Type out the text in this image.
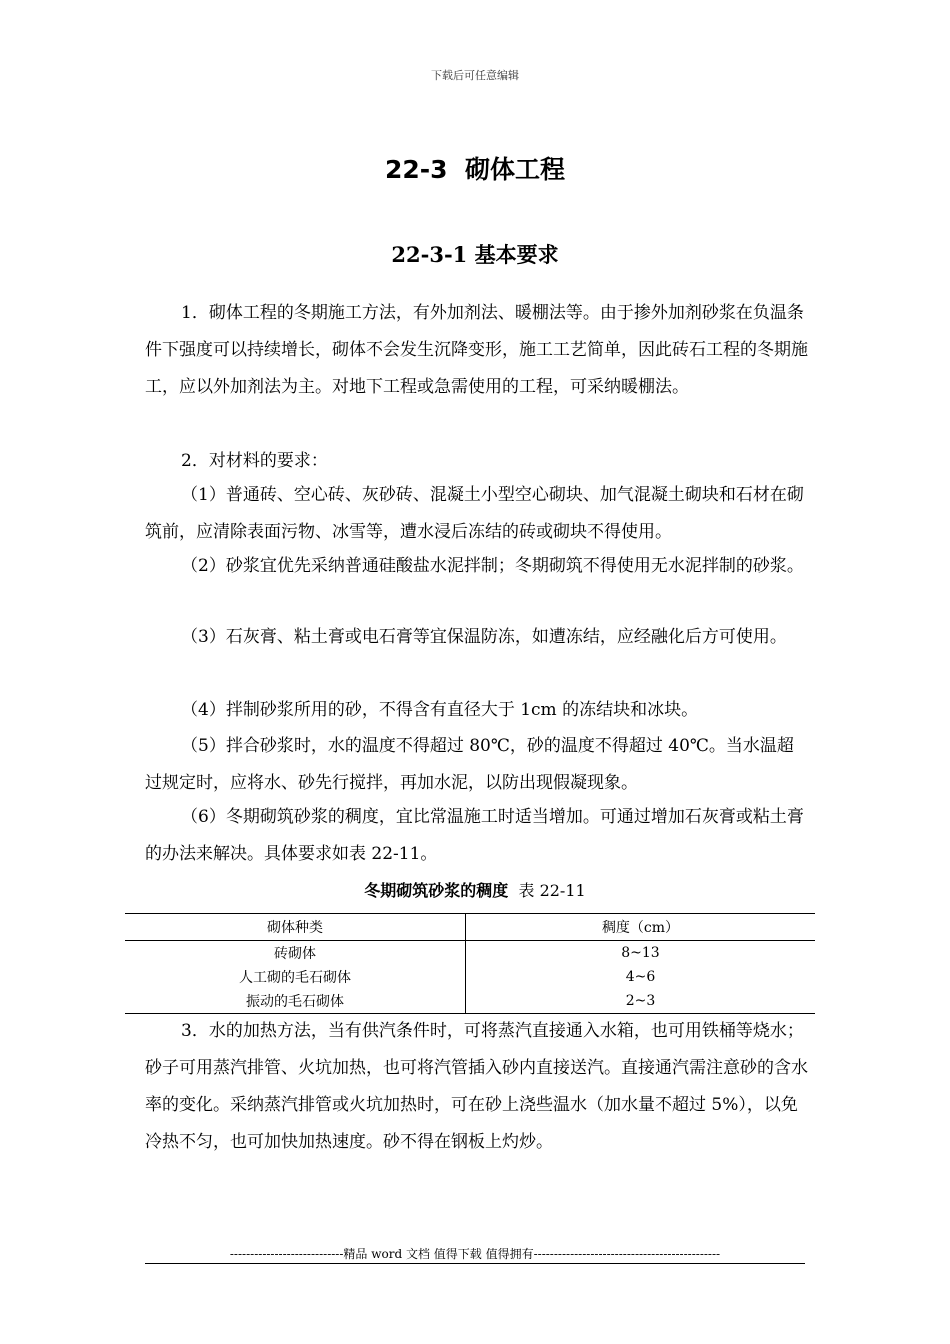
下载后可任意编辑
22-3  砌体工程
22-3-1 基本要求

1．砌体工程的冬期施工方法，有外加剂法、暖棚法等。由于掺外加剂砂浆在负温条件下强度可以持续增长，砌体不会发生沉降变形，施工工艺简单，因此砖石工程的冬期施工，应以外加剂法为主。对地下工程或急需使用的工程，可采纳暖棚法。

2．对材料的要求：

（1）普通砖、空心砖、灰砂砖、混凝土小型空心砌块、加气混凝土砌块和石材在砌筑前，应清除表面污物、冰雪等，遭水浸后冻结的砖或砌块不得使用。

（2）砂浆宜优先采纳普通硅酸盐水泥拌制；冬期砌筑不得使用无水泥拌制的砂浆。

（3）石灰膏、粘土膏或电石膏等宜保温防冻，如遭冻结，应经融化后方可使用。

（4）拌制砂浆所用的砂，不得含有直径大于 1cm 的冻结块和冰块。

（5）拌合砂浆时，水的温度不得超过 80℃，砂的温度不得超过 40℃。当水温超过规定时，应将水、砂先行搅拌，再加水泥，以防出现假凝现象。

（6）冬期砌筑砂浆的稠度，宜比常温施工时适当增加。可通过增加石灰膏或粘土膏的办法来解决。具体要求如表 22-11。

冬期砌筑砂浆的稠度 表 22-11
砌体种类	稠度（cm）
砖砌体	8~13
人工砌的毛石砌体	4~6
振动的毛石砌体	2~3

3．水的加热方法，当有供汽条件时，可将蒸汽直接通入水箱，也可用铁桶等烧水；砂子可用蒸汽排管、火坑加热，也可将汽管插入砂内直接送汽。直接通汽需注意砂的含水率的变化。采纳蒸汽排管或火坑加热时，可在砂上浇些温水（加水量不超过 5%），以免冷热不匀，也可加快加热速度。砂不得在钢板上灼炒。

----------------------------精品 word 文档 值得下载 值得拥有----------------------------------------------
